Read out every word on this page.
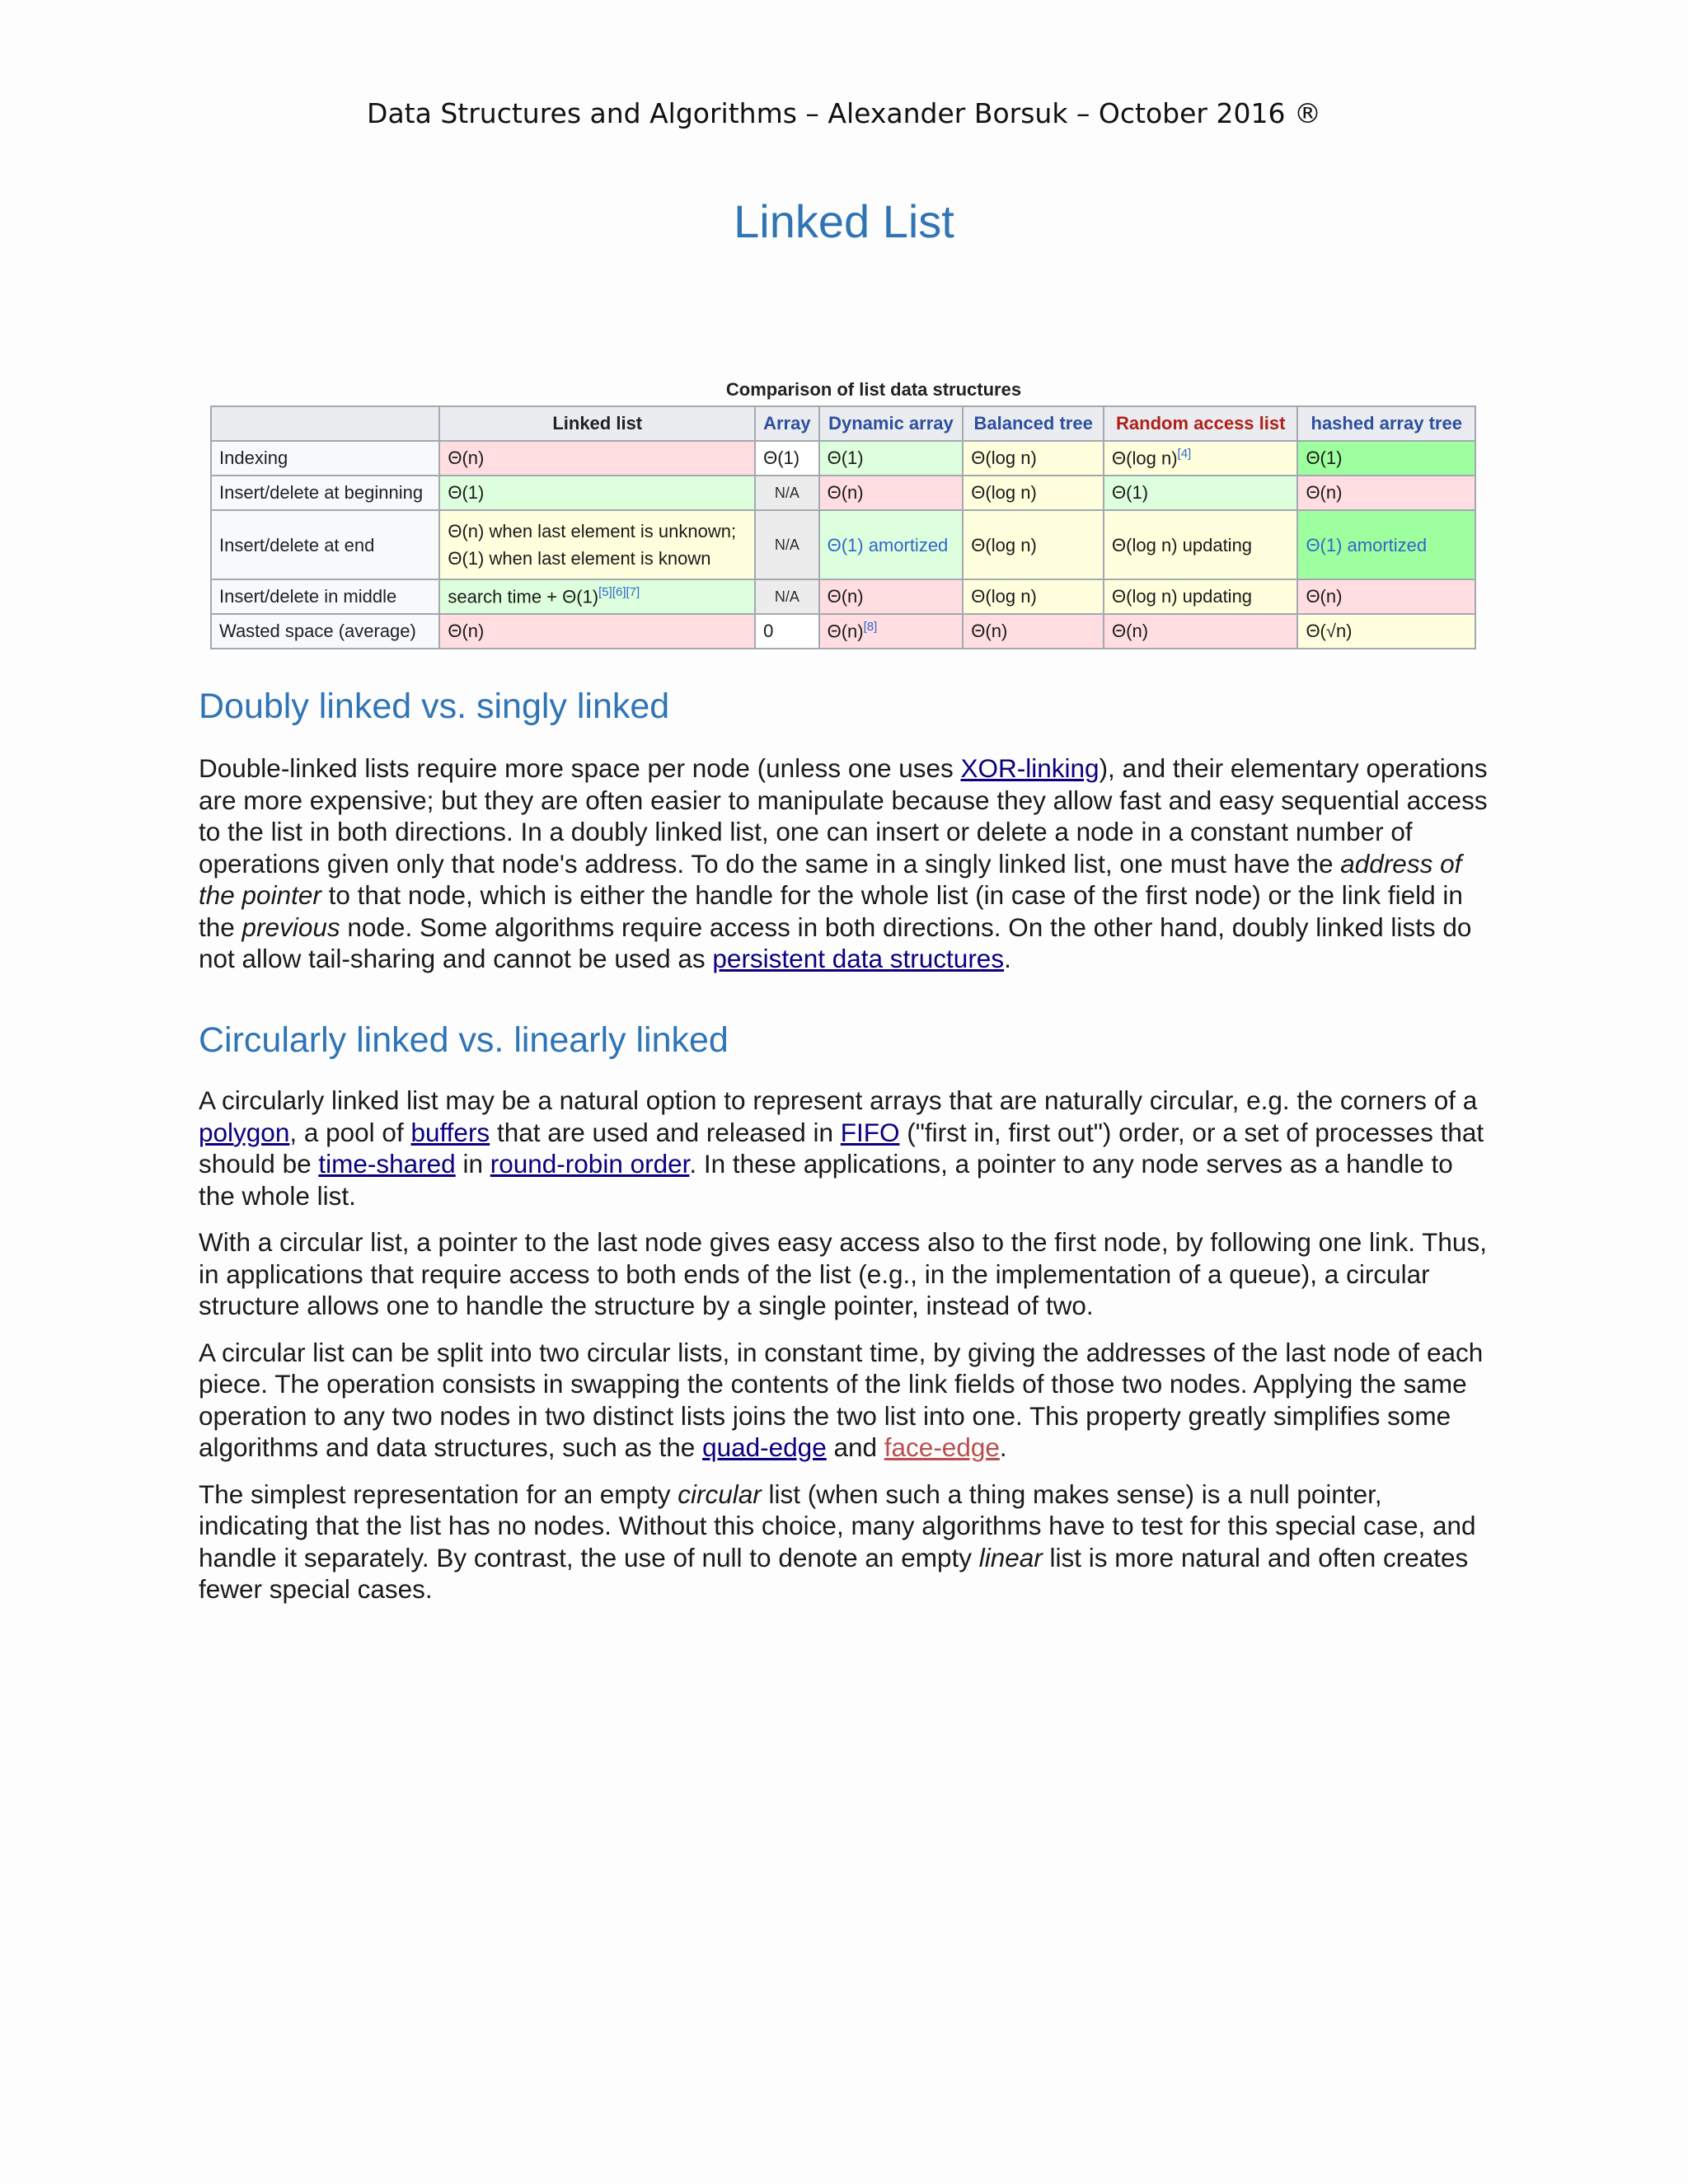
Data Structures and Algorithms – Alexander Borsuk – October 2016 ®
Linked List
Comparison of list data structures
	Linked list	Array	Dynamic array	Balanced tree	Random access list	hashed array tree
Indexing	Θ(n)	Θ(1)	Θ(1)	Θ(log n)	Θ(log n)[4]	Θ(1)
Insert/delete at beginning	Θ(1)	N/A	Θ(n)	Θ(log n)	Θ(1)	Θ(n)
Insert/delete at end	Θ(n) when last element is unknown;
Θ(1) when last element is known	N/A	Θ(1) amortized	Θ(log n)	Θ(log n) updating	Θ(1) amortized
Insert/delete in middle	search time + Θ(1)[5][6][7]	N/A	Θ(n)	Θ(log n)	Θ(log n) updating	Θ(n)
Wasted space (average)	Θ(n)	0	Θ(n)[8]	Θ(n)	Θ(n)	Θ(√n)
Doubly linked vs. singly linked

Double-linked lists require more space per node (unless one uses XOR-linking), and their elementary operations are more expensive; but they are often easier to manipulate because they allow fast and easy sequential access to the list in both directions. In a doubly linked list, one can insert or delete a node in a constant number of operations given only that node's address. To do the same in a singly linked list, one must have the address of the pointer to that node, which is either the handle for the whole list (in case of the first node) or the link field in the previous node. Some algorithms require access in both directions. On the other hand, doubly linked lists do not allow tail-sharing and cannot be used as persistent data structures.

Circularly linked vs. linearly linked

A circularly linked list may be a natural option to represent arrays that are naturally circular, e.g. the corners of a polygon, a pool of buffers that are used and released in FIFO ("first in, first out") order, or a set of processes that should be time-shared in round-robin order. In these applications, a pointer to any node serves as a handle to the whole list.

With a circular list, a pointer to the last node gives easy access also to the first node, by following one link. Thus, in applications that require access to both ends of the list (e.g., in the implementation of a queue), a circular structure allows one to handle the structure by a single pointer, instead of two.

A circular list can be split into two circular lists, in constant time, by giving the addresses of the last node of each piece. The operation consists in swapping the contents of the link fields of those two nodes. Applying the same operation to any two nodes in two distinct lists joins the two list into one. This property greatly simplifies some algorithms and data structures, such as the quad-edge and face-edge.

The simplest representation for an empty circular list (when such a thing makes sense) is a null pointer, indicating that the list has no nodes. Without this choice, many algorithms have to test for this special case, and handle it separately. By contrast, the use of null to denote an empty linear list is more natural and often creates fewer special cases.
